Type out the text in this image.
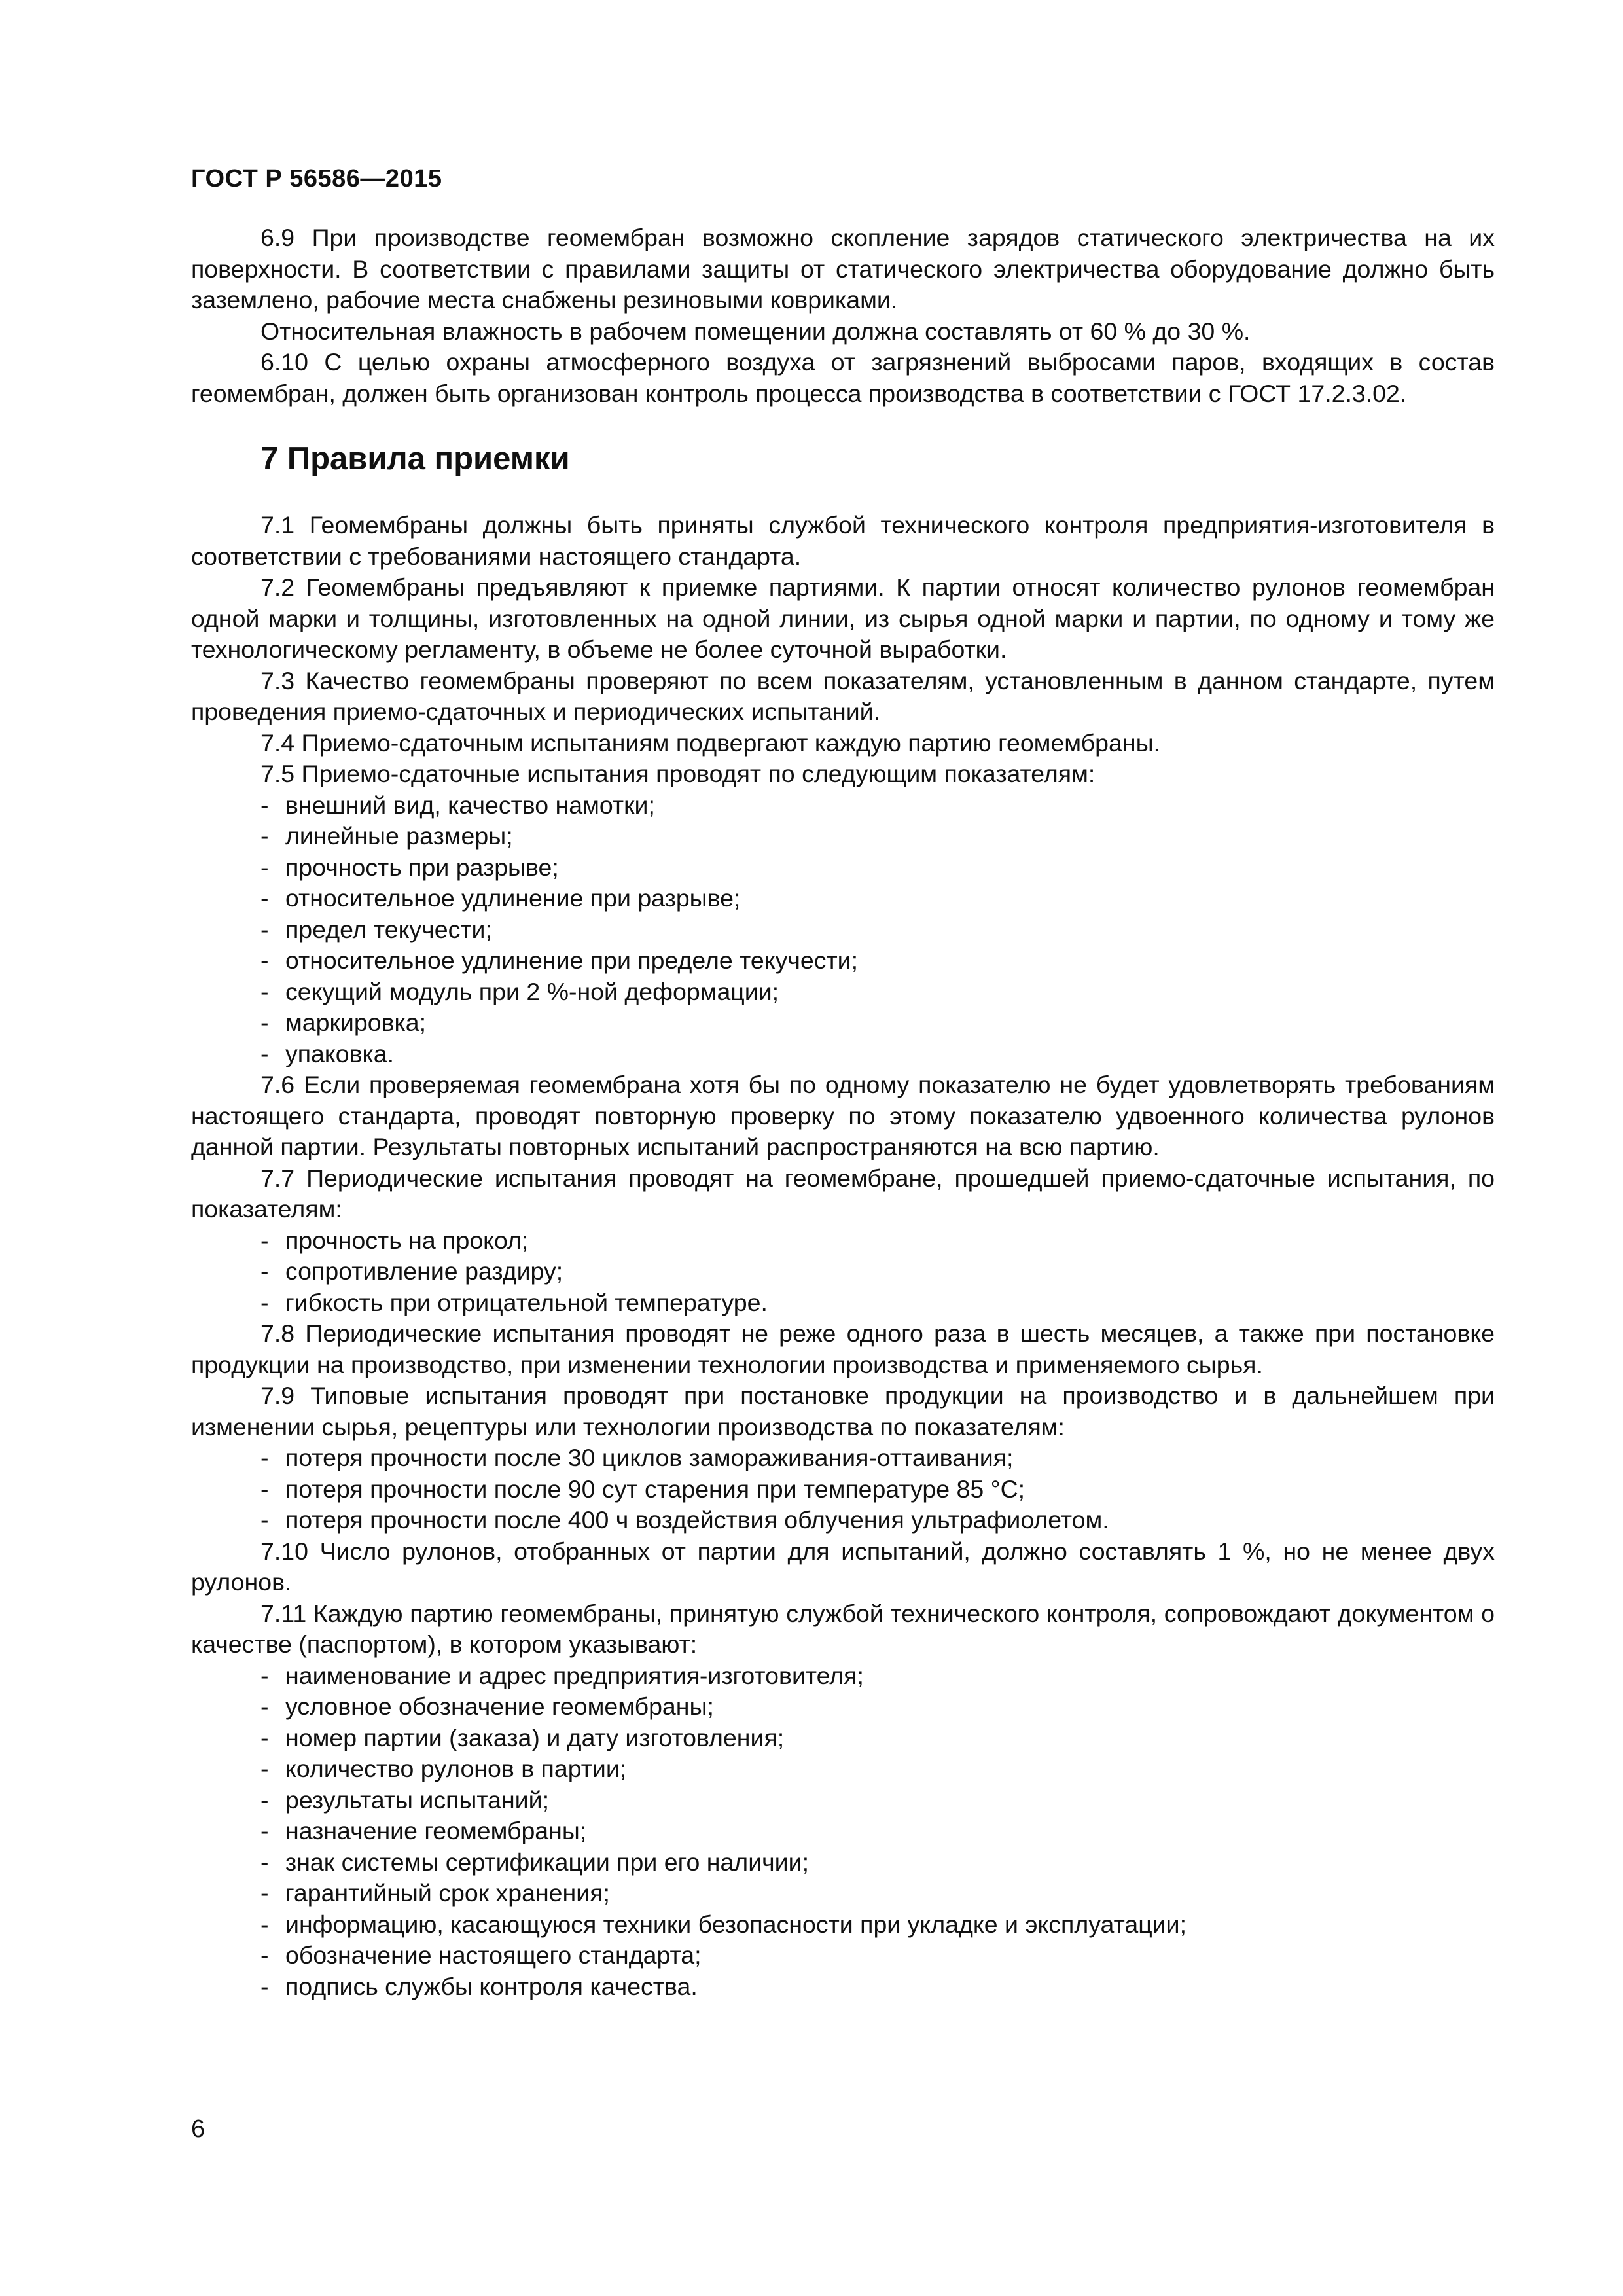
ГОСТ Р 56586—2015

6.9 При производстве геомембран возможно скопление зарядов статического электричества на их поверхности. В соответствии с правилами защиты от статического электричества оборудование должно быть заземлено, рабочие места снабжены резиновыми ковриками.

Относительная влажность в рабочем помещении должна составлять от 60 % до 30 %.

6.10 С целью охраны атмосферного воздуха от загрязнений выбросами паров, входящих в состав геомембран, должен быть организован контроль процесса производства в соответствии с ГОСТ 17.2.3.02.

7 Правила приемки

7.1 Геомембраны должны быть приняты службой технического контроля предприятия-изготовителя в соответствии с требованиями настоящего стандарта.

7.2 Геомембраны предъявляют к приемке партиями. К партии относят количество рулонов геомембран одной марки и толщины, изготовленных на одной линии, из сырья одной марки и партии, по одному и тому же технологическому регламенту, в объеме не более суточной выработки.

7.3 Качество геомембраны проверяют по всем показателям, установленным в данном стандарте, путем проведения приемо-сдаточных и периодических испытаний.

7.4 Приемо-сдаточным испытаниям подвергают каждую партию геомембраны.

7.5 Приемо-сдаточные испытания проводят по следующим показателям:

- внешний вид, качество намотки;
- линейные размеры;
- прочность при разрыве;
- относительное удлинение при разрыве;
- предел текучести;
- относительное удлинение при пределе текучести;
- секущий модуль при 2 %-ной деформации;
- маркировка;
- упаковка.

7.6 Если проверяемая геомембрана хотя бы по одному показателю не будет удовлетворять требованиям настоящего стандарта, проводят повторную проверку по этому показателю удвоенного количества рулонов данной партии. Результаты повторных испытаний распространяются на всю партию.

7.7 Периодические испытания проводят на геомембране, прошедшей приемо-сдаточные испытания, по показателям:

- прочность на прокол;
- сопротивление раздиру;
- гибкость при отрицательной температуре.

7.8 Периодические испытания проводят не реже одного раза в шесть месяцев, а также при постановке продукции на производство, при изменении технологии производства и применяемого сырья.

7.9 Типовые испытания проводят при постановке продукции на производство и в дальнейшем при изменении сырья, рецептуры или технологии производства по показателям:

- потеря прочности после 30 циклов замораживания-оттаивания;
- потеря прочности после 90 сут старения при температуре 85 °С;
- потеря прочности после 400 ч воздействия облучения ультрафиолетом.

7.10 Число рулонов, отобранных от партии для испытаний, должно составлять 1 %, но не менее двух рулонов.

7.11 Каждую партию геомембраны, принятую службой технического контроля, сопровождают документом о качестве (паспортом), в котором указывают:

- наименование и адрес предприятия-изготовителя;
- условное обозначение геомембраны;
- номер партии (заказа) и дату изготовления;
- количество рулонов в партии;
- результаты испытаний;
- назначение геомембраны;
- знак системы сертификации при его наличии;
- гарантийный срок хранения;
- информацию, касающуюся техники безопасности при укладке и эксплуатации;
- обозначение настоящего стандарта;
- подпись службы контроля качества.

6
